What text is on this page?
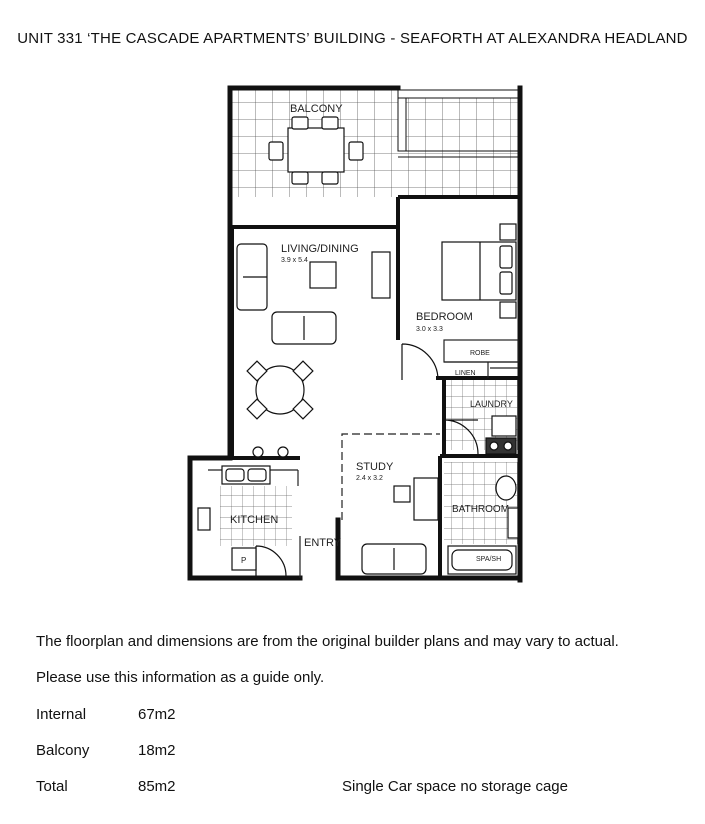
UNIT 331 ‘THE CASCADE APARTMENTS’ BUILDING - SEAFORTH AT ALEXANDRA HEADLAND
BALCONY
LIVING/DINING
3.9 x 5.4
BEDROOM
3.0 x 3.3
ROBE
LINEN
LAUNDRY
STUDY
2.4 x 3.2
KITCHEN
ENTRY
BATHROOM
SPA/SH
P
The floorplan and dimensions are from the original builder plans and may vary to actual.
Please use this information as a guide only.
Internal	67m2
Balcony	18m2
Total	85m2	Single Car space no storage cage
